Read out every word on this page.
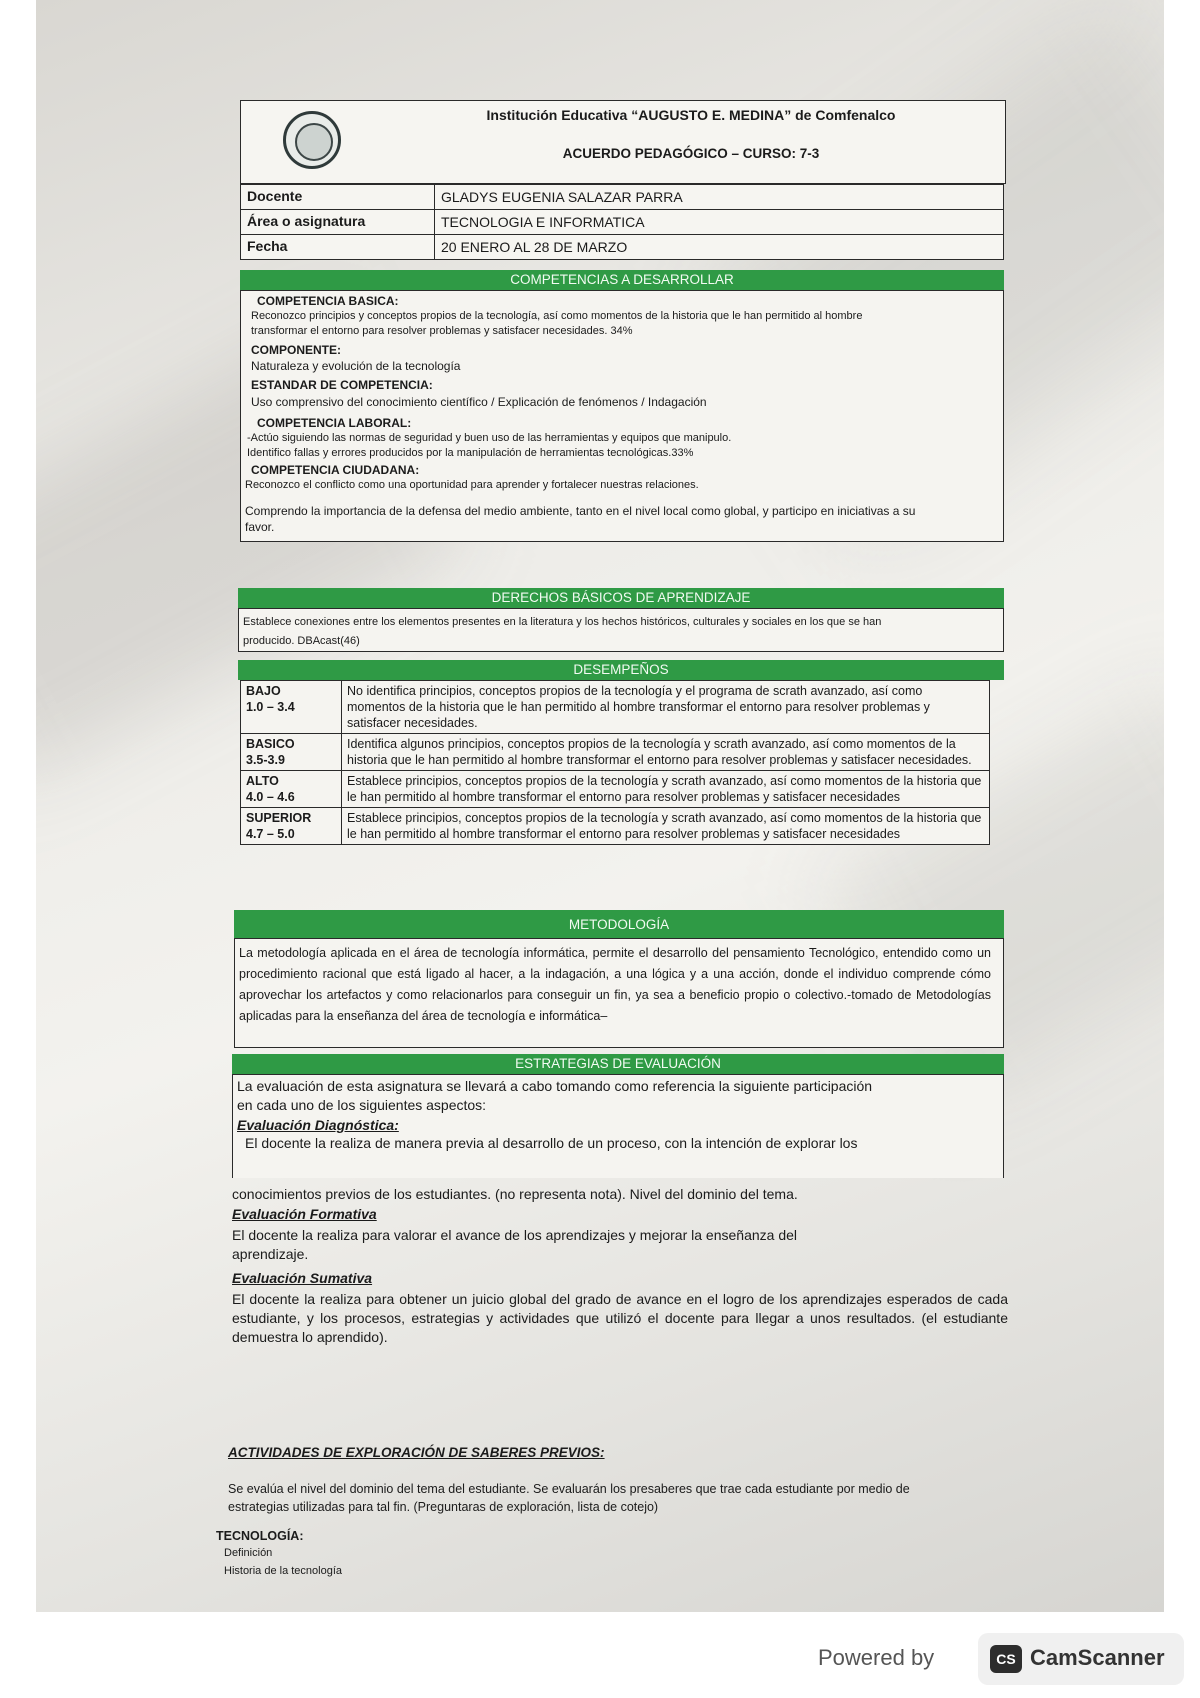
Institución Educativa “AUGUSTO E. MEDINA” de Comfenalco
ACUERDO PEDAGÓGICO – CURSO: 7-3
Docente	GLADYS EUGENIA SALAZAR PARRA
Área o asignatura	TECNOLOGIA E INFORMATICA
Fecha	20 ENERO AL 28 DE MARZO
COMPETENCIAS A DESARROLLAR
COMPETENCIA BASICA:
Reconozco principios y conceptos propios de la tecnología, así como momentos de la historia que le han permitido al hombre transformar el entorno para resolver problemas y satisfacer necesidades. 34%
COMPONENTE:
Naturaleza y evolución de la tecnología
ESTANDAR DE COMPETENCIA:
Uso comprensivo del conocimiento científico / Explicación de fenómenos / Indagación
COMPETENCIA LABORAL:
-Actúo siguiendo las normas de seguridad y buen uso de las herramientas y equipos que manipulo.
Identifico fallas y errores producidos por la manipulación de herramientas tecnológicas.33%
COMPETENCIA CIUDADANA:
Reconozco el conflicto como una oportunidad para aprender y fortalecer nuestras relaciones.
Comprendo la importancia de la defensa del medio ambiente, tanto en el nivel local como global, y participo en iniciativas a su favor.
DERECHOS BÁSICOS DE APRENDIZAJE
Establece conexiones entre los elementos presentes en la literatura y los hechos históricos, culturales y sociales en los que se han producido. DBAcast(46)
DESEMPEÑOS
BAJO
1.0 – 3.4	No identifica principios, conceptos propios de la tecnología y el programa de scrath avanzado, así como momentos de la historia que le han permitido al hombre transformar el entorno para resolver problemas y satisfacer necesidades.

BASICO
3.5-3.9	Identifica algunos principios, conceptos propios de la tecnología y scrath avanzado, así como momentos de la historia que le han permitido al hombre transformar el entorno para resolver problemas y satisfacer necesidades.

ALTO
4.0 – 4.6	Establece principios, conceptos propios de la tecnología y scrath avanzado, así como momentos de la historia que le han permitido al hombre transformar el entorno para resolver problemas y satisfacer necesidades

SUPERIOR
4.7 – 5.0	Establece principios, conceptos propios de la tecnología y scrath avanzado, así como momentos de la historia que le han permitido al hombre transformar el entorno para resolver problemas y satisfacer necesidades
METODOLOGÍA
La metodología aplicada en el área de tecnología informática, permite el desarrollo del pensamiento Tecnológico, entendido como un procedimiento racional que está ligado al hacer, a la indagación, a una lógica y a una acción, donde el individuo comprende cómo aprovechar los artefactos y como relacionarlos para conseguir un fin, ya sea a beneficio propio o colectivo.-tomado de Metodologías aplicadas para la enseñanza del área de tecnología e informática–
ESTRATEGIAS DE EVALUACIÓN
La evaluación de esta asignatura se llevará a cabo tomando como referencia la siguiente participación en cada uno de los siguientes aspectos:
Evaluación Diagnóstica:
El docente la realiza de manera previa al desarrollo de un proceso, con la intención de explorar los
conocimientos previos de los estudiantes. (no representa nota). Nivel del dominio del tema.
Evaluación Formativa
El docente la realiza para valorar el avance de los aprendizajes y mejorar la enseñanza del aprendizaje.
Evaluación Sumativa
El docente la realiza para obtener un juicio global del grado de avance en el logro de los aprendizajes esperados de cada estudiante, y los procesos, estrategias y actividades que utilizó el docente para llegar a unos resultados. (el estudiante demuestra lo aprendido).
ACTIVIDADES DE EXPLORACIÓN DE SABERES PREVIOS:
Se evalúa el nivel del dominio del tema del estudiante. Se evaluarán los presaberes que trae cada estudiante por medio de estrategias utilizadas para tal fin. (Preguntaras de exploración, lista de cotejo)
TECNOLOGÍA:
Definición
Historia de la tecnología
Powered by	CS CamScanner
